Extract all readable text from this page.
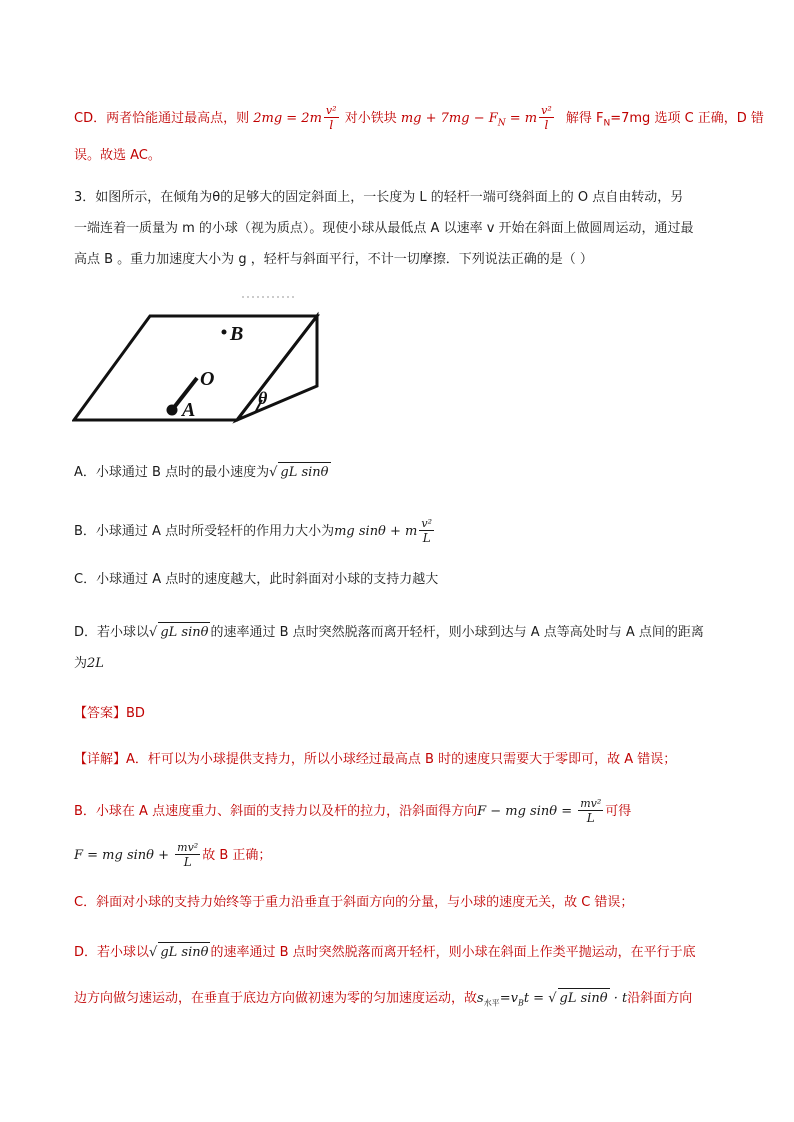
CD．两者恰能通过最高点，则 $2mg = 2m \frac{\text{v²}}{l}$ 对小铁块 mg + $7mg - F_N = m \frac{\text{v²}}{l}$ 解得 $F_N=7mg$ 选项 C 正确，D 错
误。故选 AC。
3．如图所示，在倾角为θ的足够大的固定斜面上，一长度为 L 的轻杆一端可绕斜面上的 O 点自由转动，另
一端连着一质量为 m 的小球（视为质点）。现使小球从最低点 A 以速率 v 开始在斜面上做圆周运动，通过最
高点 B 。重力加速度大小为 g ，轻杆与斜面平行，不计一切摩擦．下列说法正确的是（ ）
B
O
A
θ
A．小球通过 B 点时的最小速度为√ gL sinθ
B．小球通过 A 点时所受轻杆的作用力大小为mg sinθ + m $\frac{\text{v²}}{L}$
C．小球通过 A 点时的速度越大，此时斜面对小球的支持力越大
D．若小球以√ gL sinθ 的速率通过 B 点时突然脱落而离开轻杆，则小球到达与 A 点等高处时与 A 点间的距离
为2L
【答案】BD
【详解】A．杆可以为小球提供支持力，所以小球经过最高点 B 时的速度只需要大于零即可，故 A 错误；
B．小球在 A 点速度重力、斜面的支持力以及杆的拉力，沿斜面得方向F − mg $\sin\theta = \frac{\text{mv²}}{L}$ 可得
F = mg $\sin\theta + \frac{\text{mv²}}{L}$ 故 B 正确；
C．斜面对小球的支持力始终等于重力沿垂直于斜面方向的分量，与小球的速度无关，故 C 错误；
D．若小球以√ gL sinθ 的速率通过 B 点时突然脱落而离开轻杆，则小球在斜面上作类平抛运动，在平行于底
边方向做匀速运动，在垂直于底边方向做初速为零的匀加速度运动，故$s_{水平}=v_Bt$ = √ gL sinθ · t沿斜面方向
